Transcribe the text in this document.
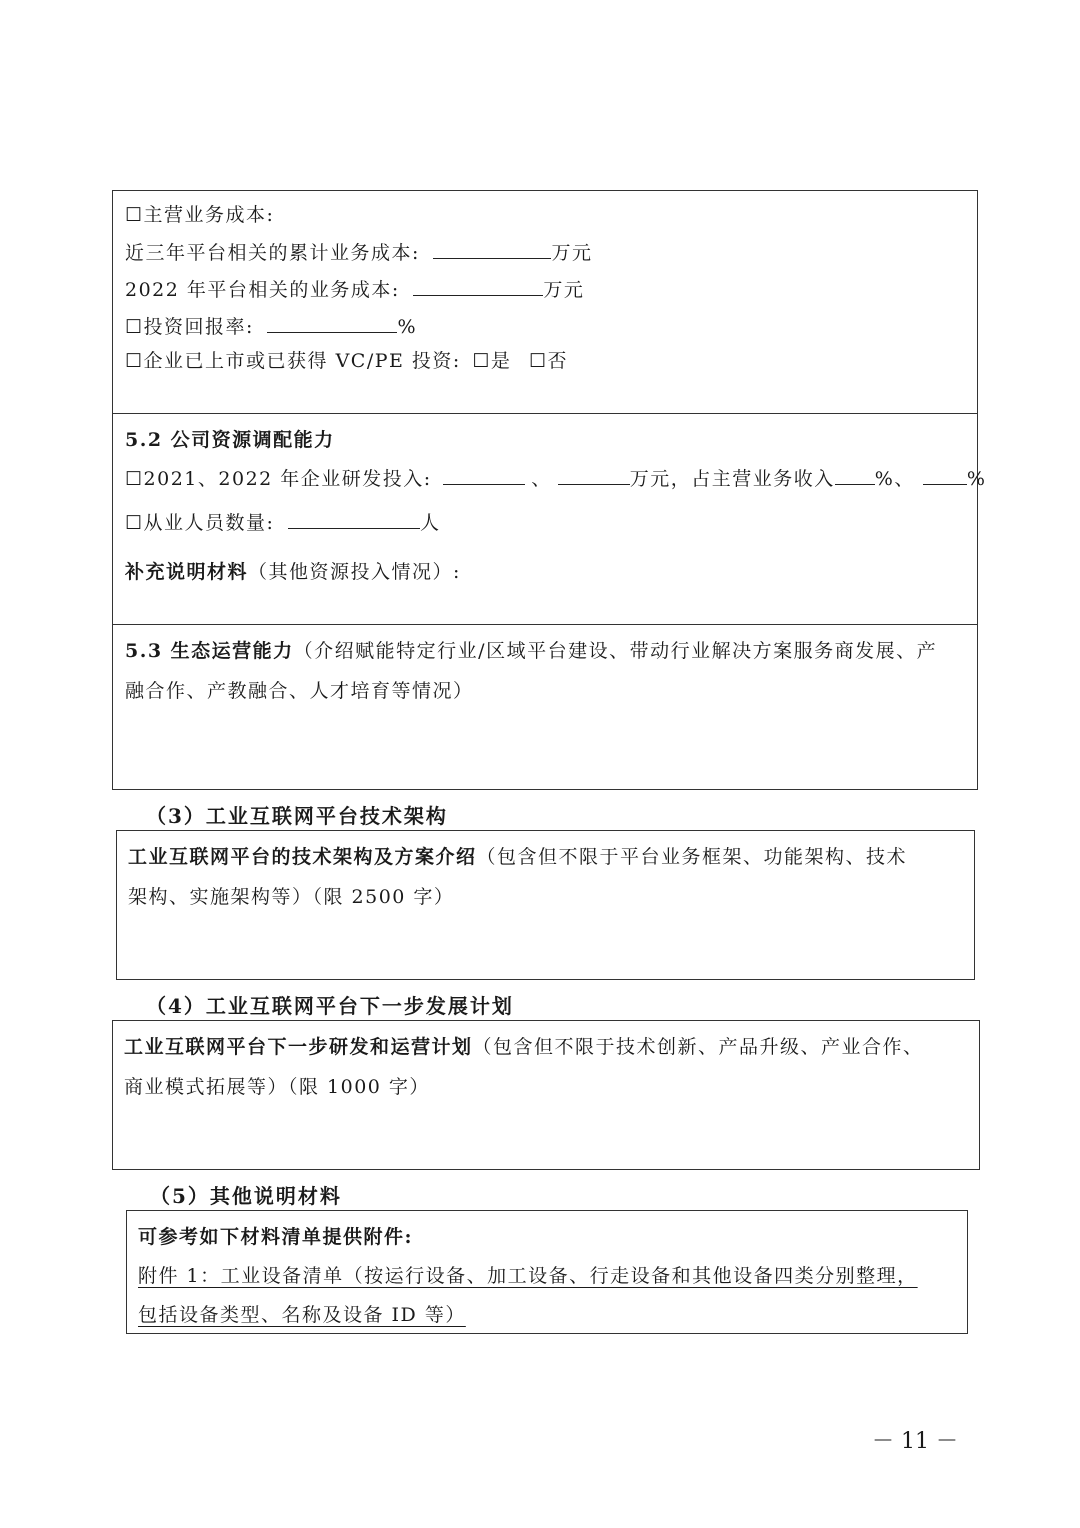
☐主营业务成本:
近三年平台相关的累计业务成本:	万元
2022 年平台相关的业务成本:	万元
☐投资回报率:	%
☐企业已上市或已获得 VC/PE 投资: ☐是 ☐否
5.2 公司资源调配能力
☐2021、2022 年企业研发投入:	、	万元，占主营业务收入 %、	%
☐从业人员数量:	人
补充说明材料（其他资源投入情况）:
5.3 生态运营能力（介绍赋能特定行业/区域平台建设、带动行业解决方案服务商发展、产
融合作、产教融合、人才培育等情况）
（3）工业互联网平台技术架构
工业互联网平台的技术架构及方案介绍（包含但不限于平台业务框架、功能架构、技术
架构、实施架构等）（限 2500 字）
（4）工业互联网平台下一步发展计划
工业互联网平台下一步研发和运营计划（包含但不限于技术创新、产品升级、产业合作、
商业模式拓展等）（限 1000 字）
（5）其他说明材料
可参考如下材料清单提供附件:
附件 1：工业设备清单（按运行设备、加工设备、行走设备和其他设备四类分别整理，
包括设备类型、名称及设备 ID 等）
－ 11 －
